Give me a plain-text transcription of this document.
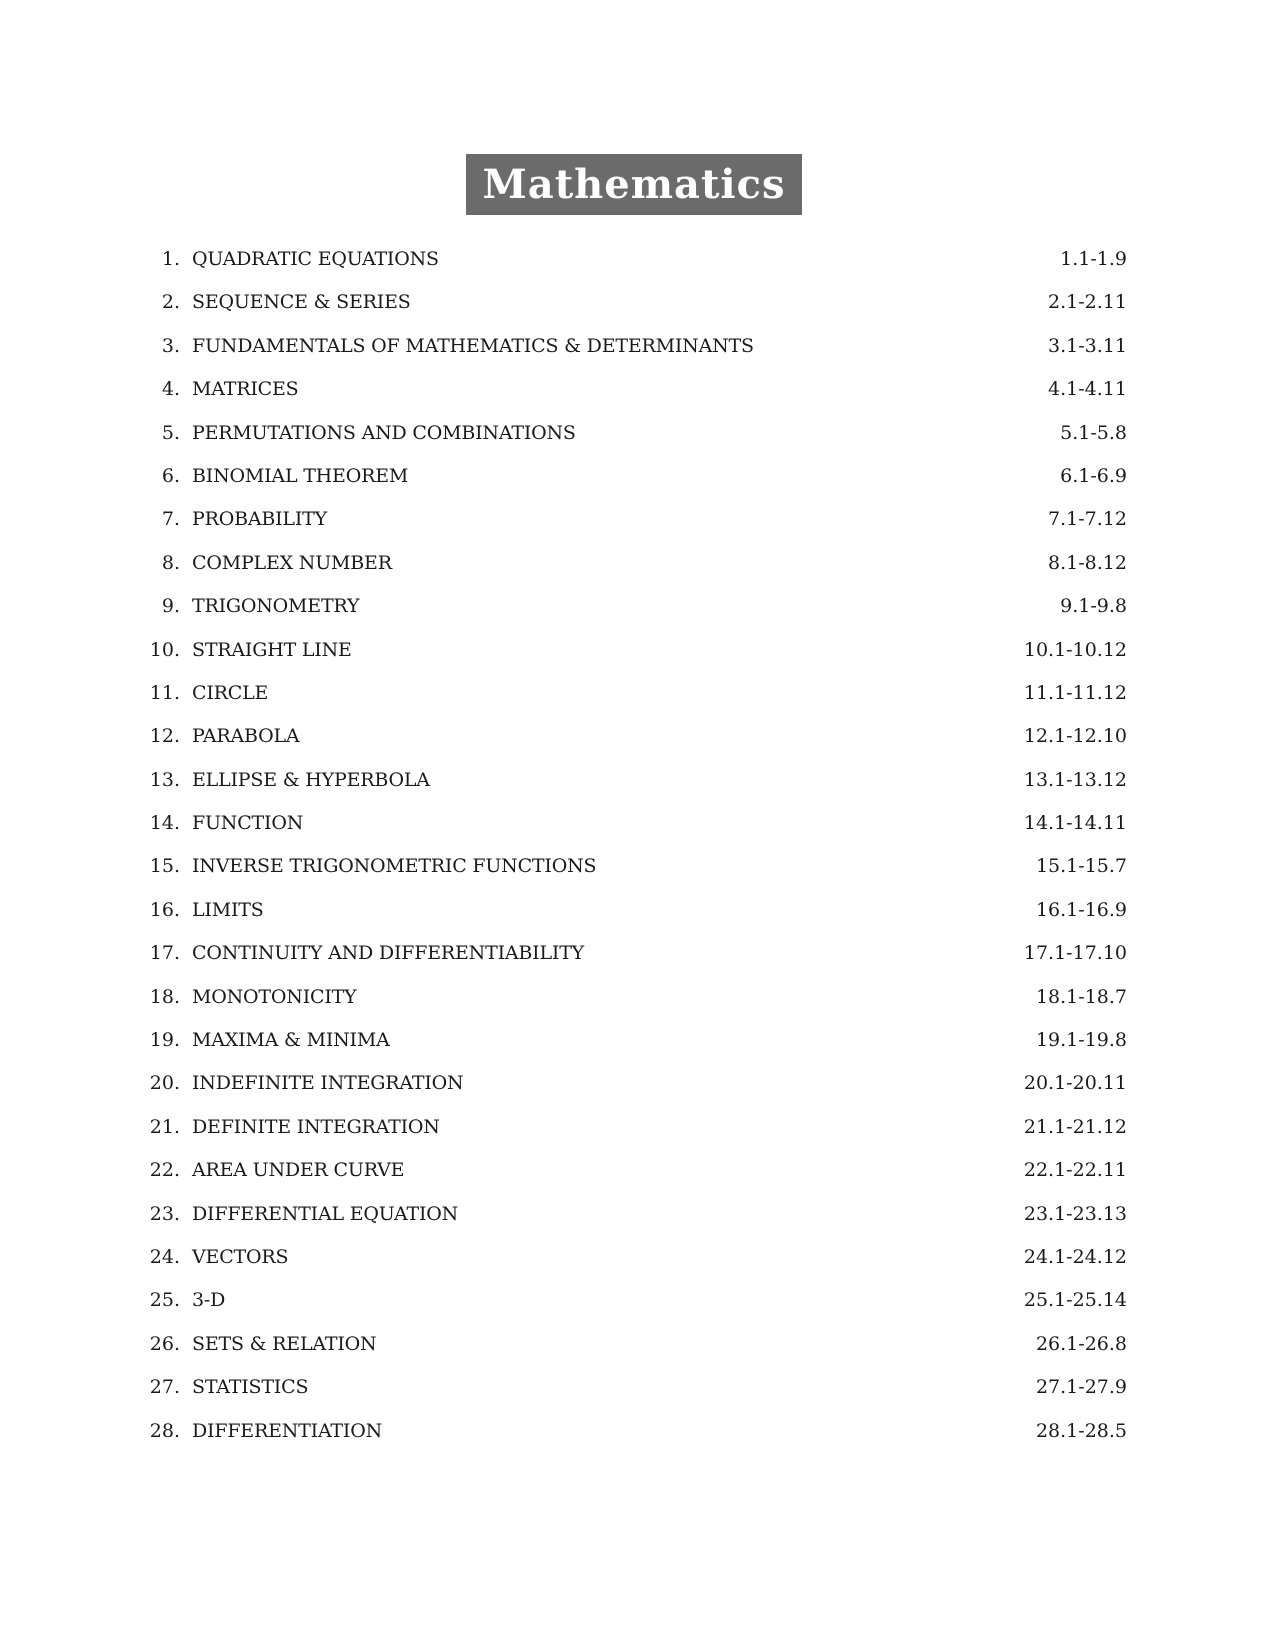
Mathematics
1. QUADRATIC EQUATIONS	1.1-1.9
2. SEQUENCE & SERIES	2.1-2.11
3. FUNDAMENTALS OF MATHEMATICS & DETERMINANTS	3.1-3.11
4. MATRICES	4.1-4.11
5. PERMUTATIONS AND COMBINATIONS	5.1-5.8
6. BINOMIAL THEOREM	6.1-6.9
7. PROBABILITY	7.1-7.12
8. COMPLEX NUMBER	8.1-8.12
9. TRIGONOMETRY	9.1-9.8
10. STRAIGHT LINE	10.1-10.12
11. CIRCLE	11.1-11.12
12. PARABOLA	12.1-12.10
13. ELLIPSE & HYPERBOLA	13.1-13.12
14. FUNCTION	14.1-14.11
15. INVERSE TRIGONOMETRIC FUNCTIONS	15.1-15.7
16. LIMITS	16.1-16.9
17. CONTINUITY AND DIFFERENTIABILITY	17.1-17.10
18. MONOTONICITY	18.1-18.7
19. MAXIMA & MINIMA	19.1-19.8
20. INDEFINITE INTEGRATION	20.1-20.11
21. DEFINITE INTEGRATION	21.1-21.12
22. AREA UNDER CURVE	22.1-22.11
23. DIFFERENTIAL EQUATION	23.1-23.13
24. VECTORS	24.1-24.12
25. 3-D	25.1-25.14
26. SETS & RELATION	26.1-26.8
27. STATISTICS	27.1-27.9
28. DIFFERENTIATION	28.1-28.5
